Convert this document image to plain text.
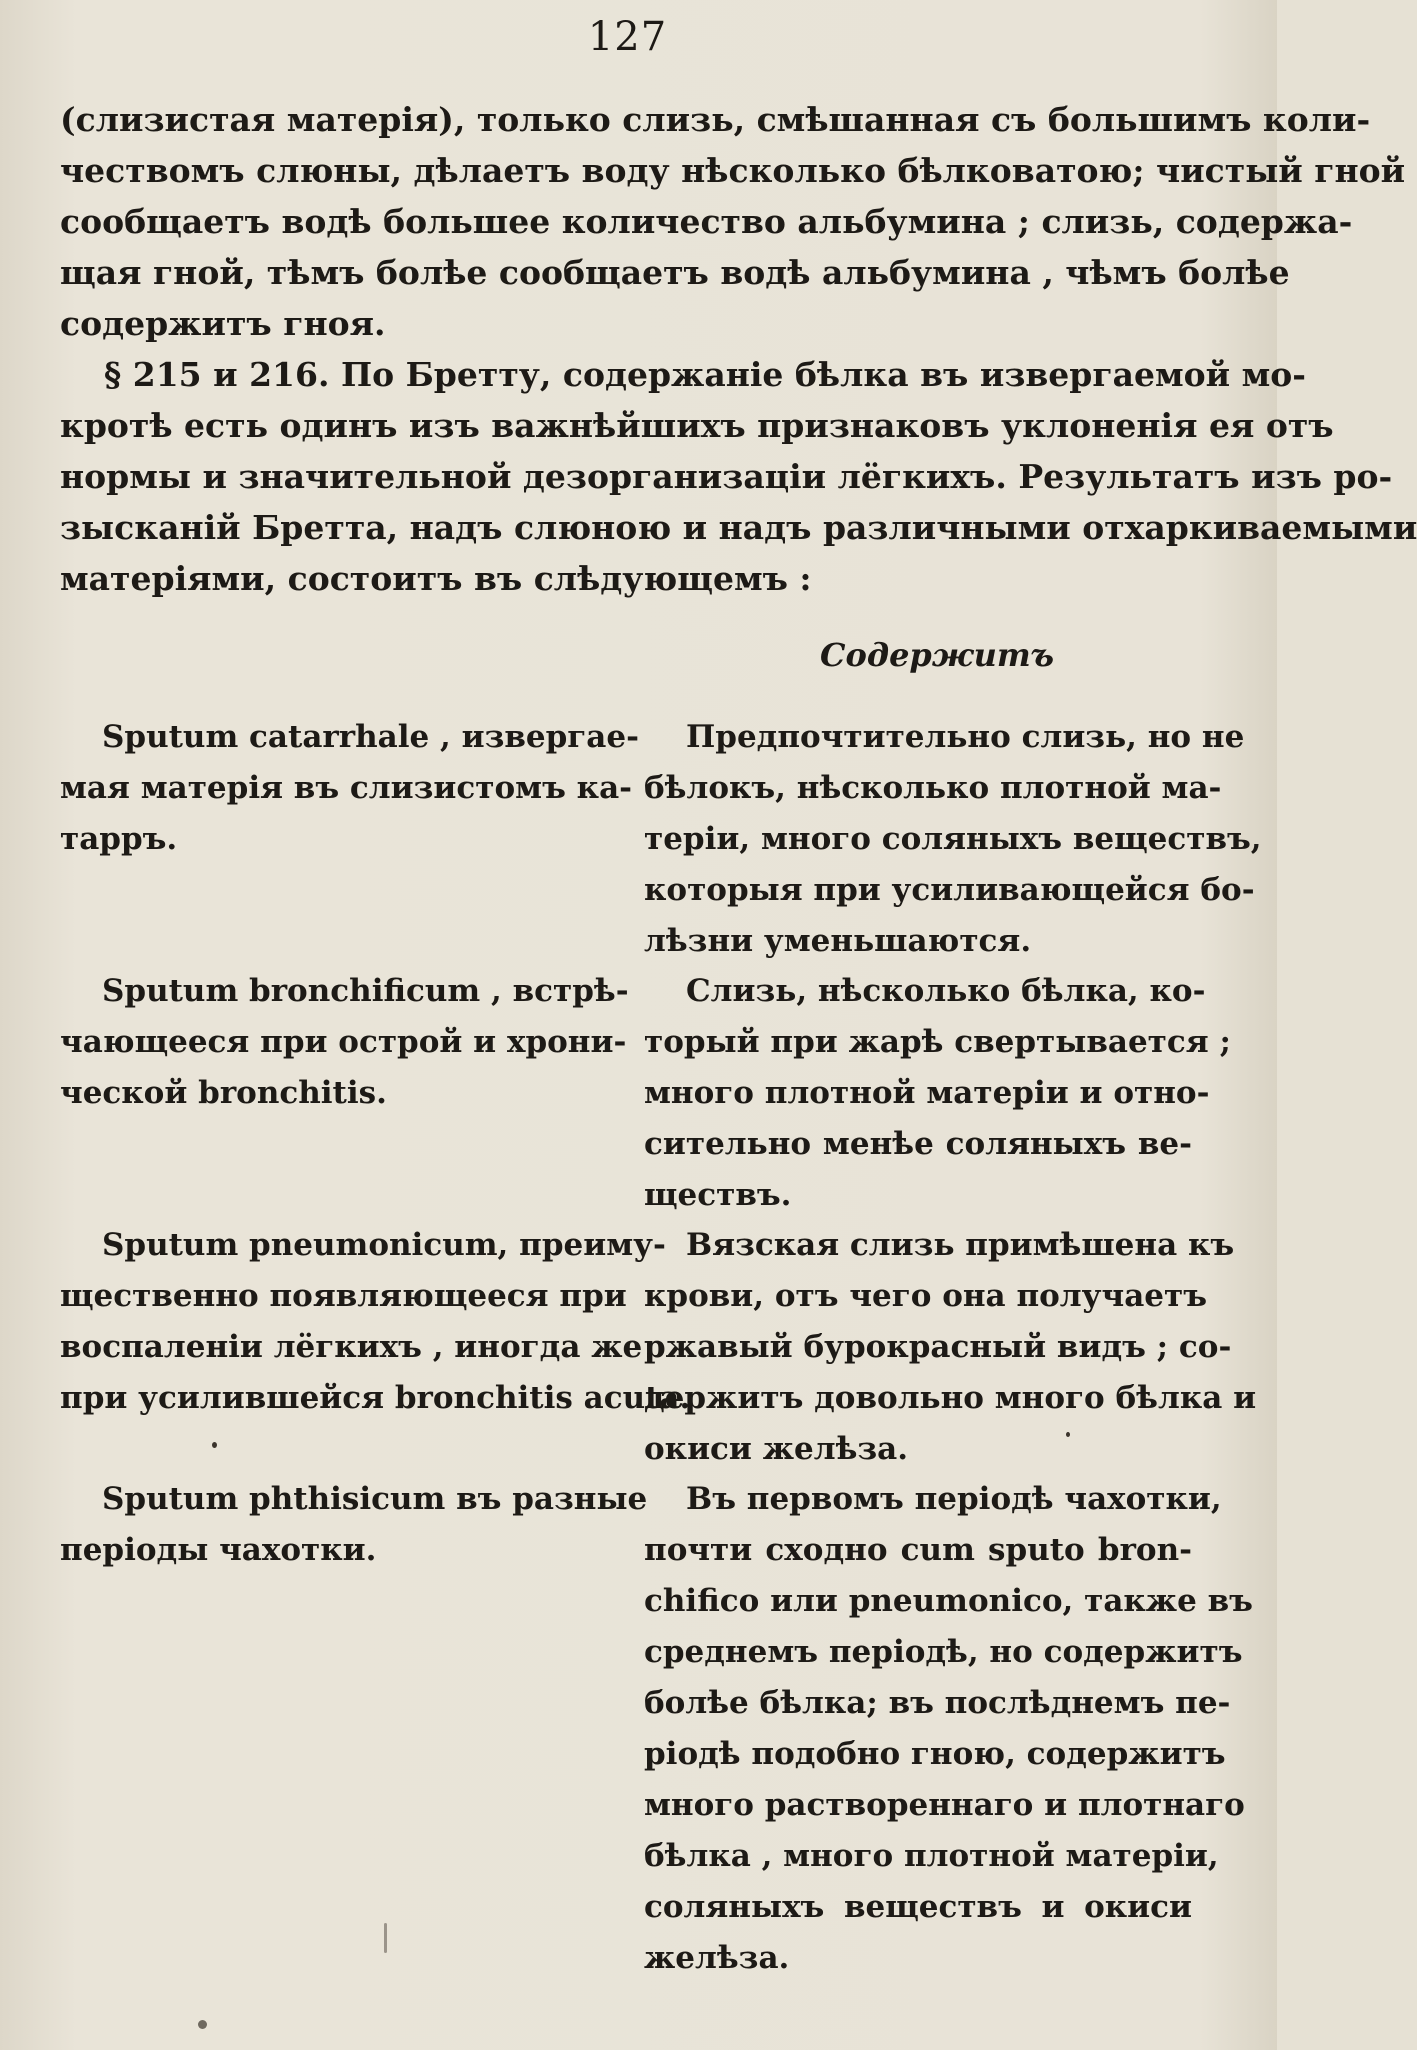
127
(слизистая матерія), только слизь, смѣшанная съ большимъ коли-
чествомъ слюны, дѣлаетъ воду нѣсколько бѣлковатою; чистый гной
сообщаетъ водѣ большее количество альбумина ; слизь, содержа-
щая гной, тѣмъ болѣе сообщаетъ водѣ альбумина , чѣмъ болѣе
содержитъ гноя.
§ 215 и 216. По Бретту, содержаніе бѣлка въ извергаемой мо-
кротѣ есть одинъ изъ важнѣйшихъ признаковъ уклоненія ея отъ
нормы и значительной дезорганизаціи лёгкихъ. Результатъ изъ ро-
зысканій Бретта, надъ слюною и надъ различными отхаркиваемыми
матеріями, состоитъ въ слѣдующемъ :
Содержитъ
Sputum catarrhale , извергае-
мая матерія въ слизистомъ ка-
тарръ.
Предпочтительно слизь, но не
бѣлокъ, нѣсколько плотной ма-
теріи, много соляныхъ веществъ,
которыя при усиливающейся бо-
лѣзни уменьшаются.
Sputum bronchificum , встрѣ-
чающееся при острой и хрони-
ческой bronchitis.
Слизь, нѣсколько бѣлка, ко-
торый при жарѣ свертывается ;
много плотной матеріи и отно-
сительно менѣе соляныхъ ве-
ществъ.
Sputum pneumonicum, преиму-
щественно появляющееся при
воспаленіи лёгкихъ , иногда же
при усилившейся bronchitis acuta.
Вязская слизь примѣшена къ
крови, отъ чего она получаетъ
ржавый бурокрасный видъ ; со-
держитъ довольно много бѣлка и
окиси желѣза.
Sputum phthisicum въ разные
періоды чахотки.
Въ первомъ періодѣ чахотки,
почти сходно cum sputo bron-
chifico или pneumonico, также въ
среднемъ періодѣ, но содержитъ
болѣе бѣлка; въ послѣднемъ пе-
ріодѣ подобно гною, содержитъ
много раствореннаго и плотнаго
бѣлка , много плотной матеріи,
соляныхъ веществъ и окиси
желѣза.
